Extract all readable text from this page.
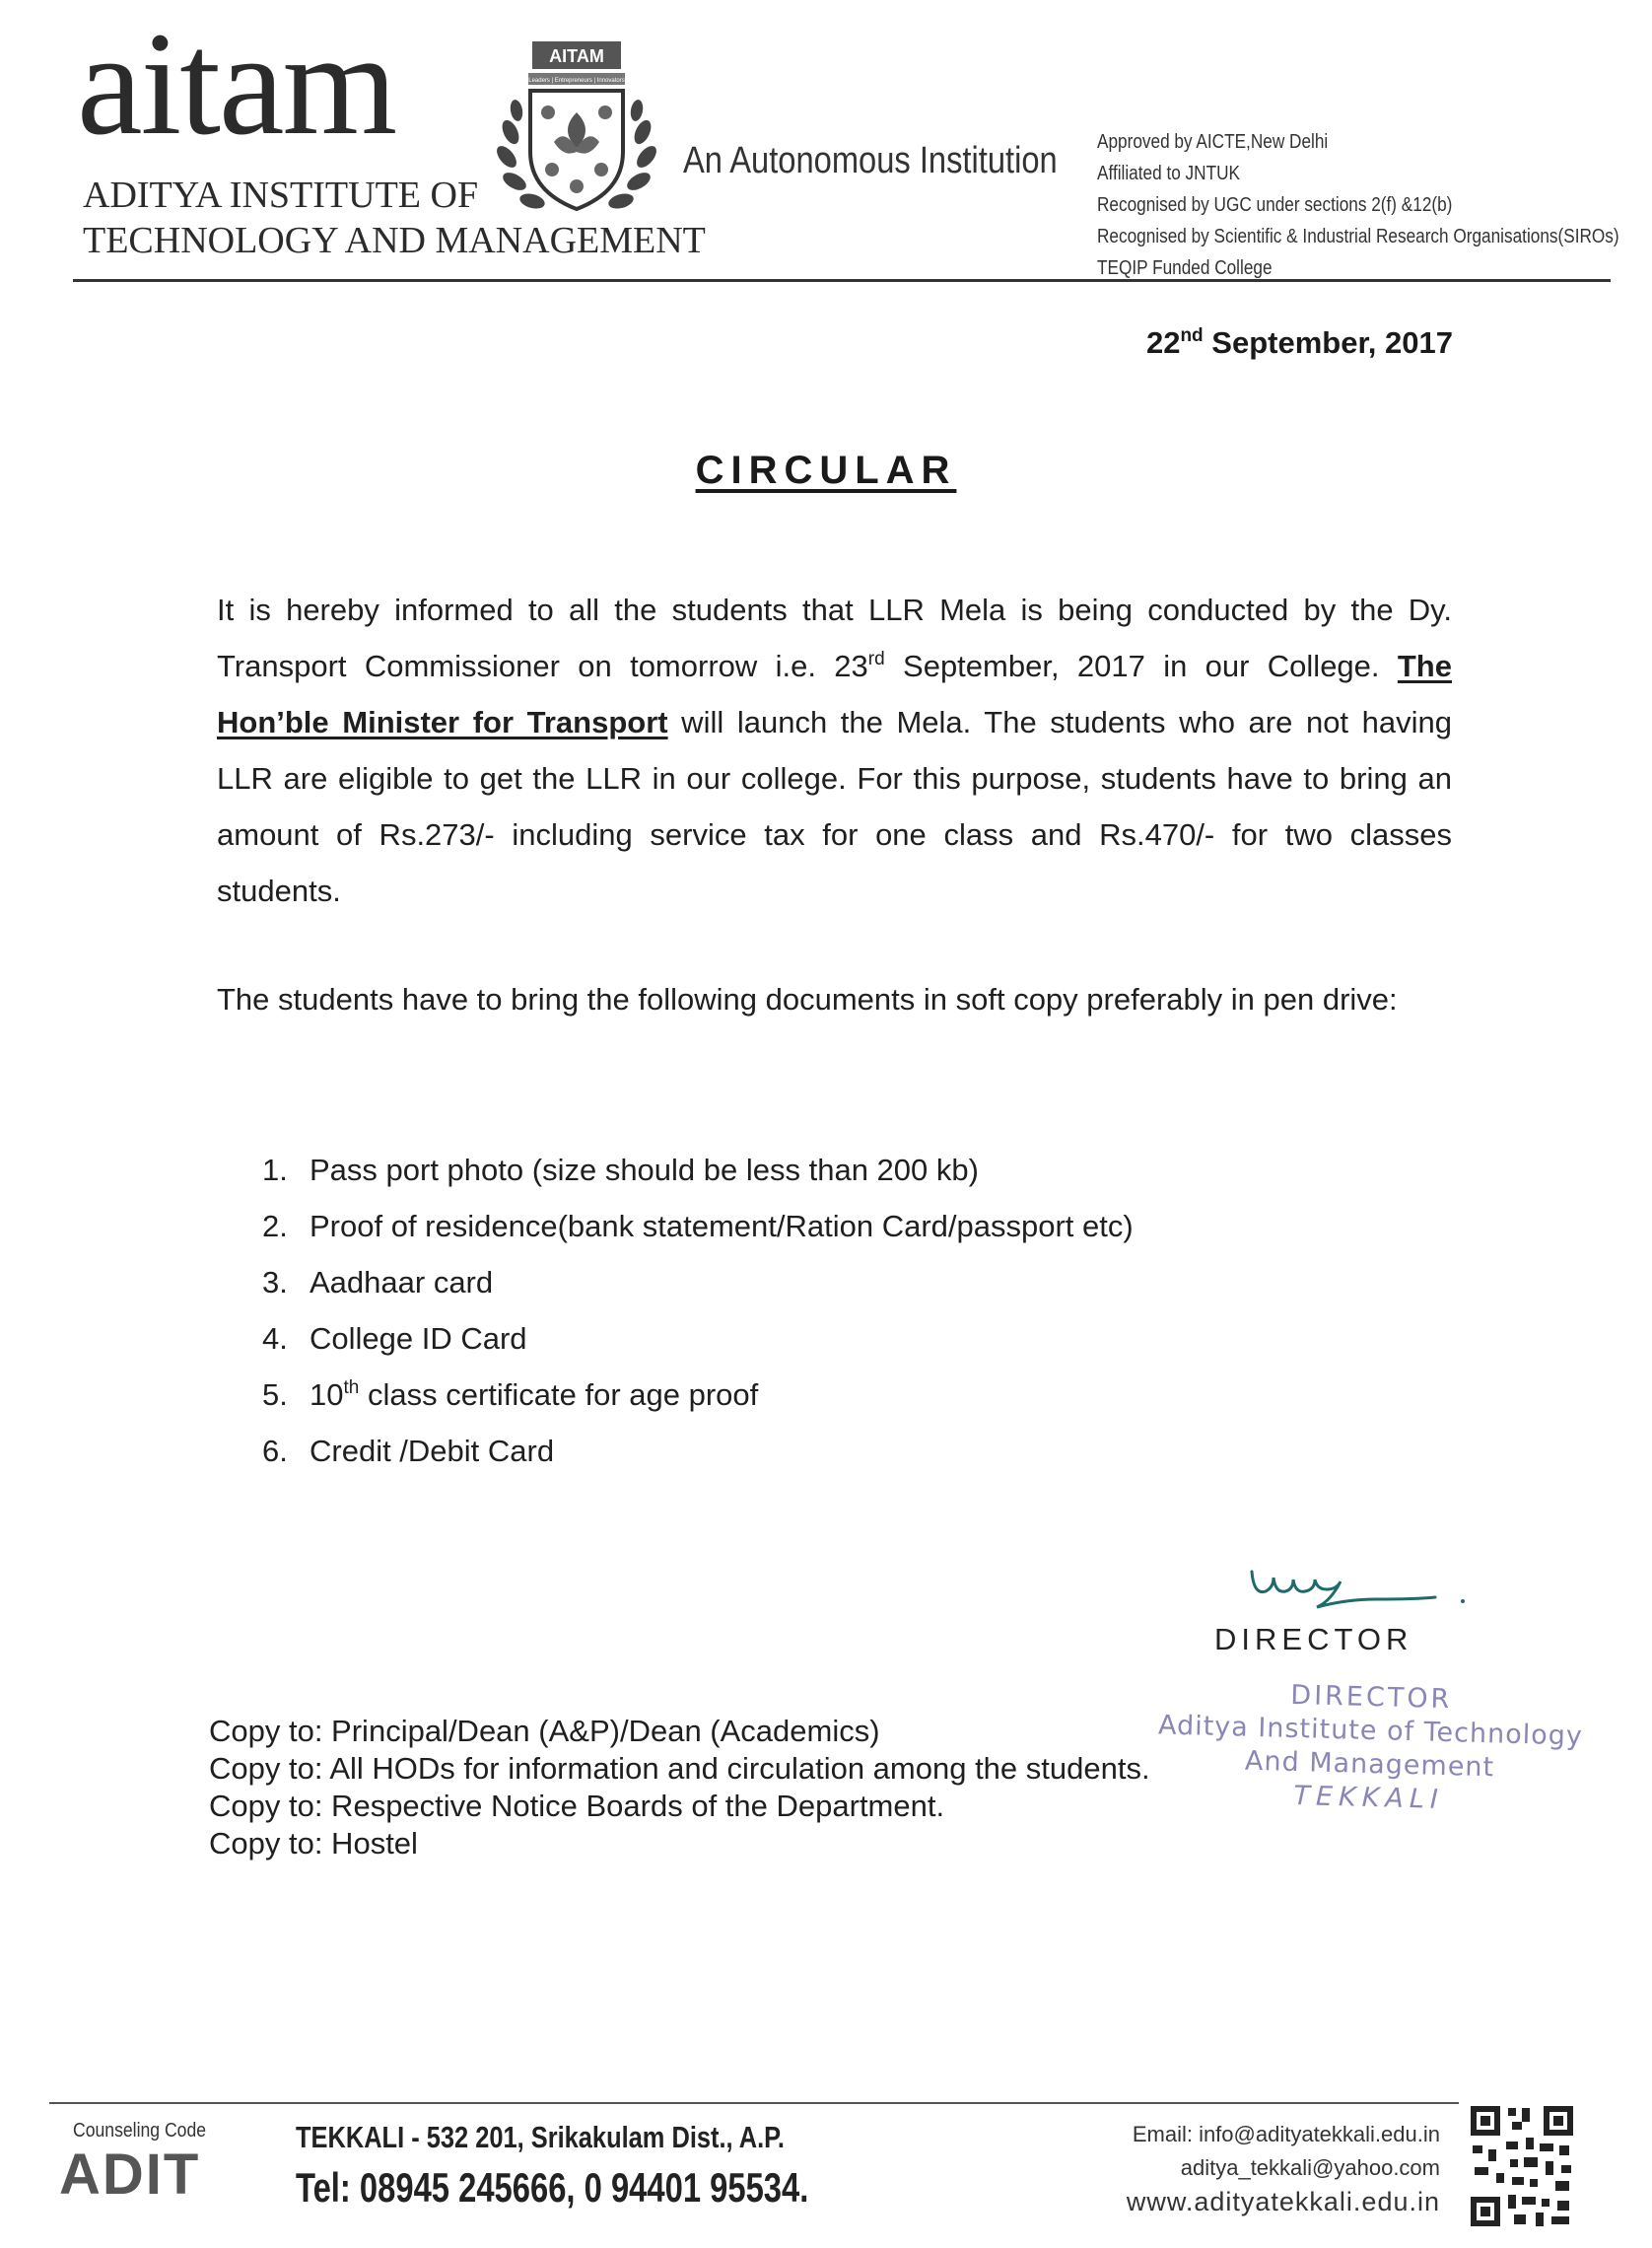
aitam
ADITYA INSTITUTE OF
TECHNOLOGY AND MANAGEMENT
AITAM
Leaders | Entrepreneurs | Innovators
An Autonomous Institution Approved by AICTE,New Delhi
Affiliated to JNTUK
Recognised by UGC under sections 2(f) &12(b)
Recognised by Scientific & Industrial Research Organisations(SIROs)
TEQIP Funded College
22nd September, 2017
CIRCULAR

It is hereby informed to all the students that LLR Mela is being conducted by the Dy. Transport Commissioner on tomorrow i.e. 23rd September, 2017 in our College. The Hon’ble Minister for Transport will launch the Mela. The students who are not having LLR are eligible to get the LLR in our college. For this purpose, students have to bring an amount of Rs.273/- including service tax for one class and Rs.470/- for two classes students.

The students have to bring the following documents in soft copy preferably in pen drive:

1. Pass port photo (size should be less than 200 kb)
2. Proof of residence(bank statement/Ration Card/passport etc)
3. Aadhaar card
4. College ID Card
5. 10th class certificate for age proof
6. Credit /Debit Card
DIRECTOR
DIRECTOR
Aditya Institute of Technology
And Management
TEKKALI
Copy to: Principal/Dean (A&P)/Dean (Academics)
Copy to: All HODs for information and circulation among the students.
Copy to: Respective Notice Boards of the Department.
Copy to: Hostel
Counseling Code
ADIT
TEKKALI - 532 201, Srikakulam Dist., A.P.
Tel: 08945 245666, 0 94401 95534.
Email: info@adityatekkali.edu.in
aditya_tekkali@yahoo.com
www.adityatekkali.edu.in
